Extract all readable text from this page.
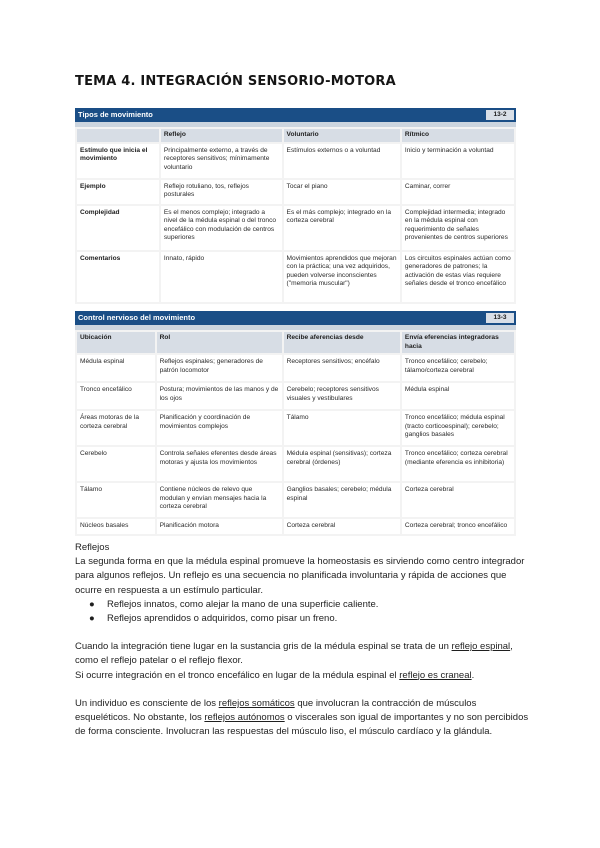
TEMA 4. INTEGRACIÓN SENSORIO-MOTORA
Tipos de movimiento	13-2
	Reflejo	Voluntario	Rítmico
Estímulo que inicia el movimiento	Principalmente externo, a través de receptores sensitivos; mínimamente voluntario	Estímulos externos o a voluntad	Inicio y terminación a voluntad
Ejemplo	Reflejo rotuliano, tos, reflejos posturales	Tocar el piano	Caminar, correr
Complejidad	Es el menos complejo; integrado a nivel de la médula espinal o del tronco encefálico con modulación de centros superiores	Es el más complejo; integrado en la corteza cerebral	Complejidad intermedia; integrado en la médula espinal con requerimiento de señales provenientes de centros superiores
Comentarios	Innato, rápido	Movimientos aprendidos que mejoran con la práctica; una vez adquiridos, pueden volverse inconscientes ("memoria muscular")	Los circuitos espinales actúan como generadores de patrones; la activación de estas vías requiere señales desde el tronco encefálico
Control nervioso del movimiento	13-3
Ubicación	Rol	Recibe aferencias desde	Envía eferencias integradoras hacia
Médula espinal	Reflejos espinales; generadores de patrón locomotor	Receptores sensitivos; encéfalo	Tronco encefálico; cerebelo; tálamo/corteza cerebral
Tronco encefálico	Postura; movimientos de las manos y de los ojos	Cerebelo; receptores sensitivos visuales y vestibulares	Médula espinal
Áreas motoras de la corteza cerebral	Planificación y coordinación de movimientos complejos	Tálamo	Tronco encefálico; médula espinal (tracto corticoespinal); cerebelo; ganglios basales
Cerebelo	Controla señales eferentes desde áreas motoras y ajusta los movimientos	Médula espinal (sensitivas); corteza cerebral (órdenes)	Tronco encefálico; corteza cerebral (mediante eferencia es inhibitoria)
Tálamo	Contiene núcleos de relevo que modulan y envían mensajes hacia la corteza cerebral	Ganglios basales; cerebelo; médula espinal	Corteza cerebral
Núcleos basales	Planificación motora	Corteza cerebral	Corteza cerebral; tronco encefálico
Reflejos

La segunda forma en que la médula espinal promueve la homeostasis es sirviendo como centro integrador para algunos reflejos. Un reflejo es una secuencia no planificada involuntaria y rápida de acciones que ocurre en respuesta a un estímulo particular.

● Reflejos innatos, como alejar la mano de una superficie caliente.
● Reflejos aprendidos o adquiridos, como pisar un freno.

Cuando la integración tiene lugar en la sustancia gris de la médula espinal se trata de un reflejo espinal, como el reflejo patelar o el reflejo flexor.

Si ocurre integración en el tronco encefálico en lugar de la médula espinal el reflejo es craneal.

Un individuo es consciente de los reflejos somáticos que involucran la contracción de músculos esqueléticos. No obstante, los reflejos autónomos o viscerales son igual de importantes y no son percibidos de forma consciente. Involucran las respuestas del músculo liso, el músculo cardíaco y la glándula.
